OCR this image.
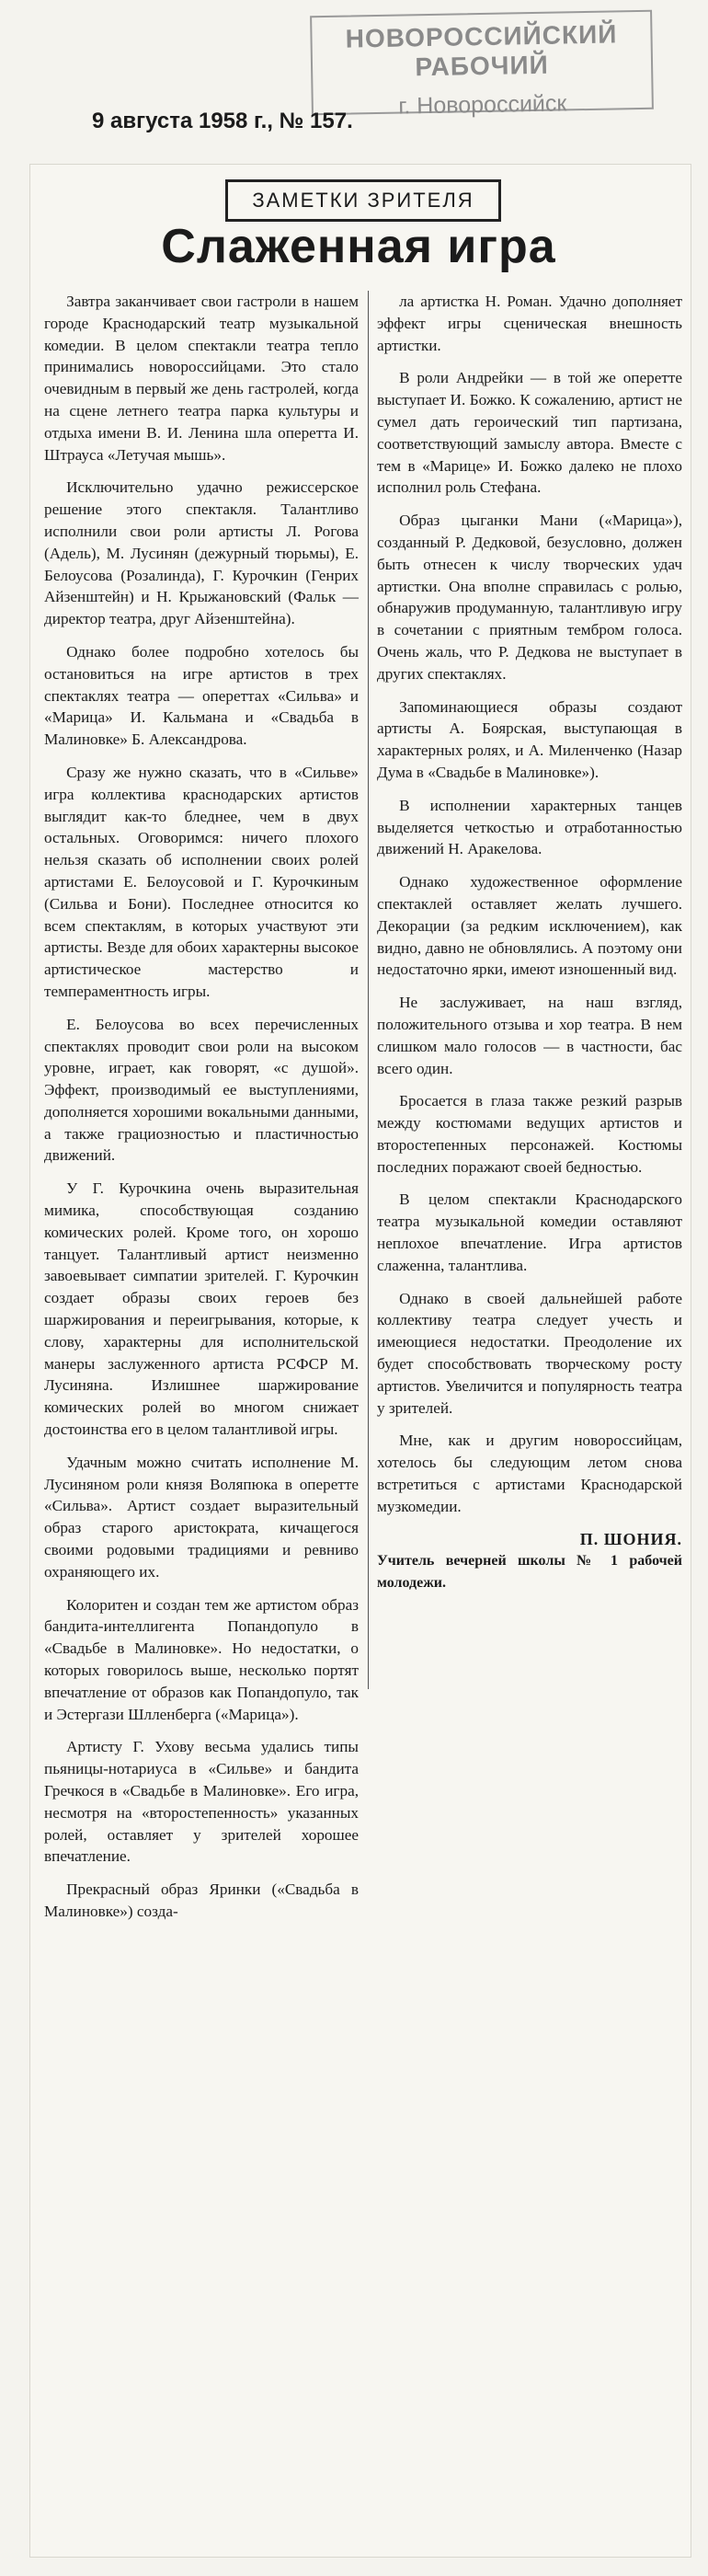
НОВОРОССИЙСКИЙ РАБОЧИЙ
г. Новороссийск
9 августа 1958 г., № 157.
ЗАМЕТКИ ЗРИТЕЛЯ
Слаженная игра

Завтра заканчивает свои гастроли в нашем городе Краснодарский театр музыкальной комедии. В целом спектакли театра тепло принимались новороссийцами. Это стало очевидным в первый же день гастролей, когда на сцене летнего театра парка культуры и отдыха имени В. И. Ленина шла оперетта И. Штрауса «Летучая мышь».

Исключительно удачно режиссерское решение этого спектакля. Талантливо исполнили свои роли артисты Л. Рогова (Адель), М. Лусинян (дежурный тюрьмы), Е. Белоусова (Розалинда), Г. Курочкин (Генрих Айзенштейн) и Н. Крыжановский (Фальк — директор театра, друг Айзенштейна).

Однако более подробно хотелось бы остановиться на игре артистов в трех спектаклях театра — опереттах «Сильва» и «Марица» И. Кальмана и «Свадьба в Малиновке» Б. Александрова.

Сразу же нужно сказать, что в «Сильве» игра коллектива краснодарских артистов выглядит как-то бледнее, чем в двух остальных. Оговоримся: ничего плохого нельзя сказать об исполнении своих ролей артистами Е. Белоусовой и Г. Курочкиным (Сильва и Бони). Последнее относится ко всем спектаклям, в которых участвуют эти артисты. Везде для обоих характерны высокое артистическое мастерство и темпераментность игры.

Е. Белоусова во всех перечисленных спектаклях проводит свои роли на высоком уровне, играет, как говорят, «с душой». Эффект, производимый ее выступлениями, дополняется хорошими вокальными данными, а также грациозностью и пластичностью движений.

У Г. Курочкина очень выразительная мимика, способствующая созданию комических ролей. Кроме того, он хорошо танцует. Талантливый артист неизменно завоевывает симпатии зрителей. Г. Курочкин создает образы своих героев без шаржирования и переигрывания, которые, к слову, характерны для исполнительской манеры заслуженного артиста РСФСР М. Лусиняна. Излишнее шаржирование комических ролей во многом снижает достоинства его в целом талантливой игры.

Удачным можно считать исполнение М. Лусиняном роли князя Воляпюка в оперетте «Сильва». Артист создает выразительный образ старого аристократа, кичащегося своими родовыми традициями и ревниво охраняющего их.

Колоритен и создан тем же артистом образ бандита-интеллигента Попандопуло в «Свадьбе в Малиновке». Но недостатки, о которых говорилось выше, несколько портят впечатление от образов как Попандопуло, так и Эстергази Шлленберга («Марица»).

Артисту Г. Ухову весьма удались типы пьяницы-нотариуса в «Сильве» и бандита Гречкося в «Свадьбе в Малиновке». Его игра, несмотря на «второстепенность» указанных ролей, оставляет у зрителей хорошее впечатление.

Прекрасный образ Яринки («Свадьба в Малиновке») созда-

ла артистка Н. Роман. Удачно дополняет эффект игры сценическая внешность артистки.

В роли Андрейки — в той же оперетте выступает И. Божко. К сожалению, артист не сумел дать героический тип партизана, соответствующий замыслу автора. Вместе с тем в «Марице» И. Божко далеко не плохо исполнил роль Стефана.

Образ цыганки Мани («Марица»), созданный Р. Дедковой, безусловно, должен быть отнесен к числу творческих удач артистки. Она вполне справилась с ролью, обнаружив продуманную, талантливую игру в сочетании с приятным тембром голоса. Очень жаль, что Р. Дедкова не выступает в других спектаклях.

Запоминающиеся образы создают артисты А. Боярская, выступающая в характерных ролях, и А. Миленченко (Назар Дума в «Свадьбе в Малиновке»).

В исполнении характерных танцев выделяется четкостью и отработанностью движений Н. Аракелова.

Однако художественное оформление спектаклей оставляет желать лучшего. Декорации (за редким исключением), как видно, давно не обновлялись. А поэтому они недостаточно ярки, имеют изношенный вид.

Не заслуживает, на наш взгляд, положительного отзыва и хор театра. В нем слишком мало голосов — в частности, бас всего один.

Бросается в глаза также резкий разрыв между костюмами ведущих артистов и второстепенных персонажей. Костюмы последних поражают своей бедностью.

В целом спектакли Краснодарского театра музыкальной комедии оставляют неплохое впечатление. Игра артистов слаженна, талантлива.

Однако в своей дальнейшей работе коллективу театра следует учесть и имеющиеся недостатки. Преодоление их будет способствовать творческому росту артистов. Увеличится и популярность театра у зрителей.

Мне, как и другим новороссийцам, хотелось бы следующим летом снова встретиться с артистами Краснодарской музкомедии.

П. ШОНИЯ.

Учитель вечерней школы № 1 рабочей молодежи.
